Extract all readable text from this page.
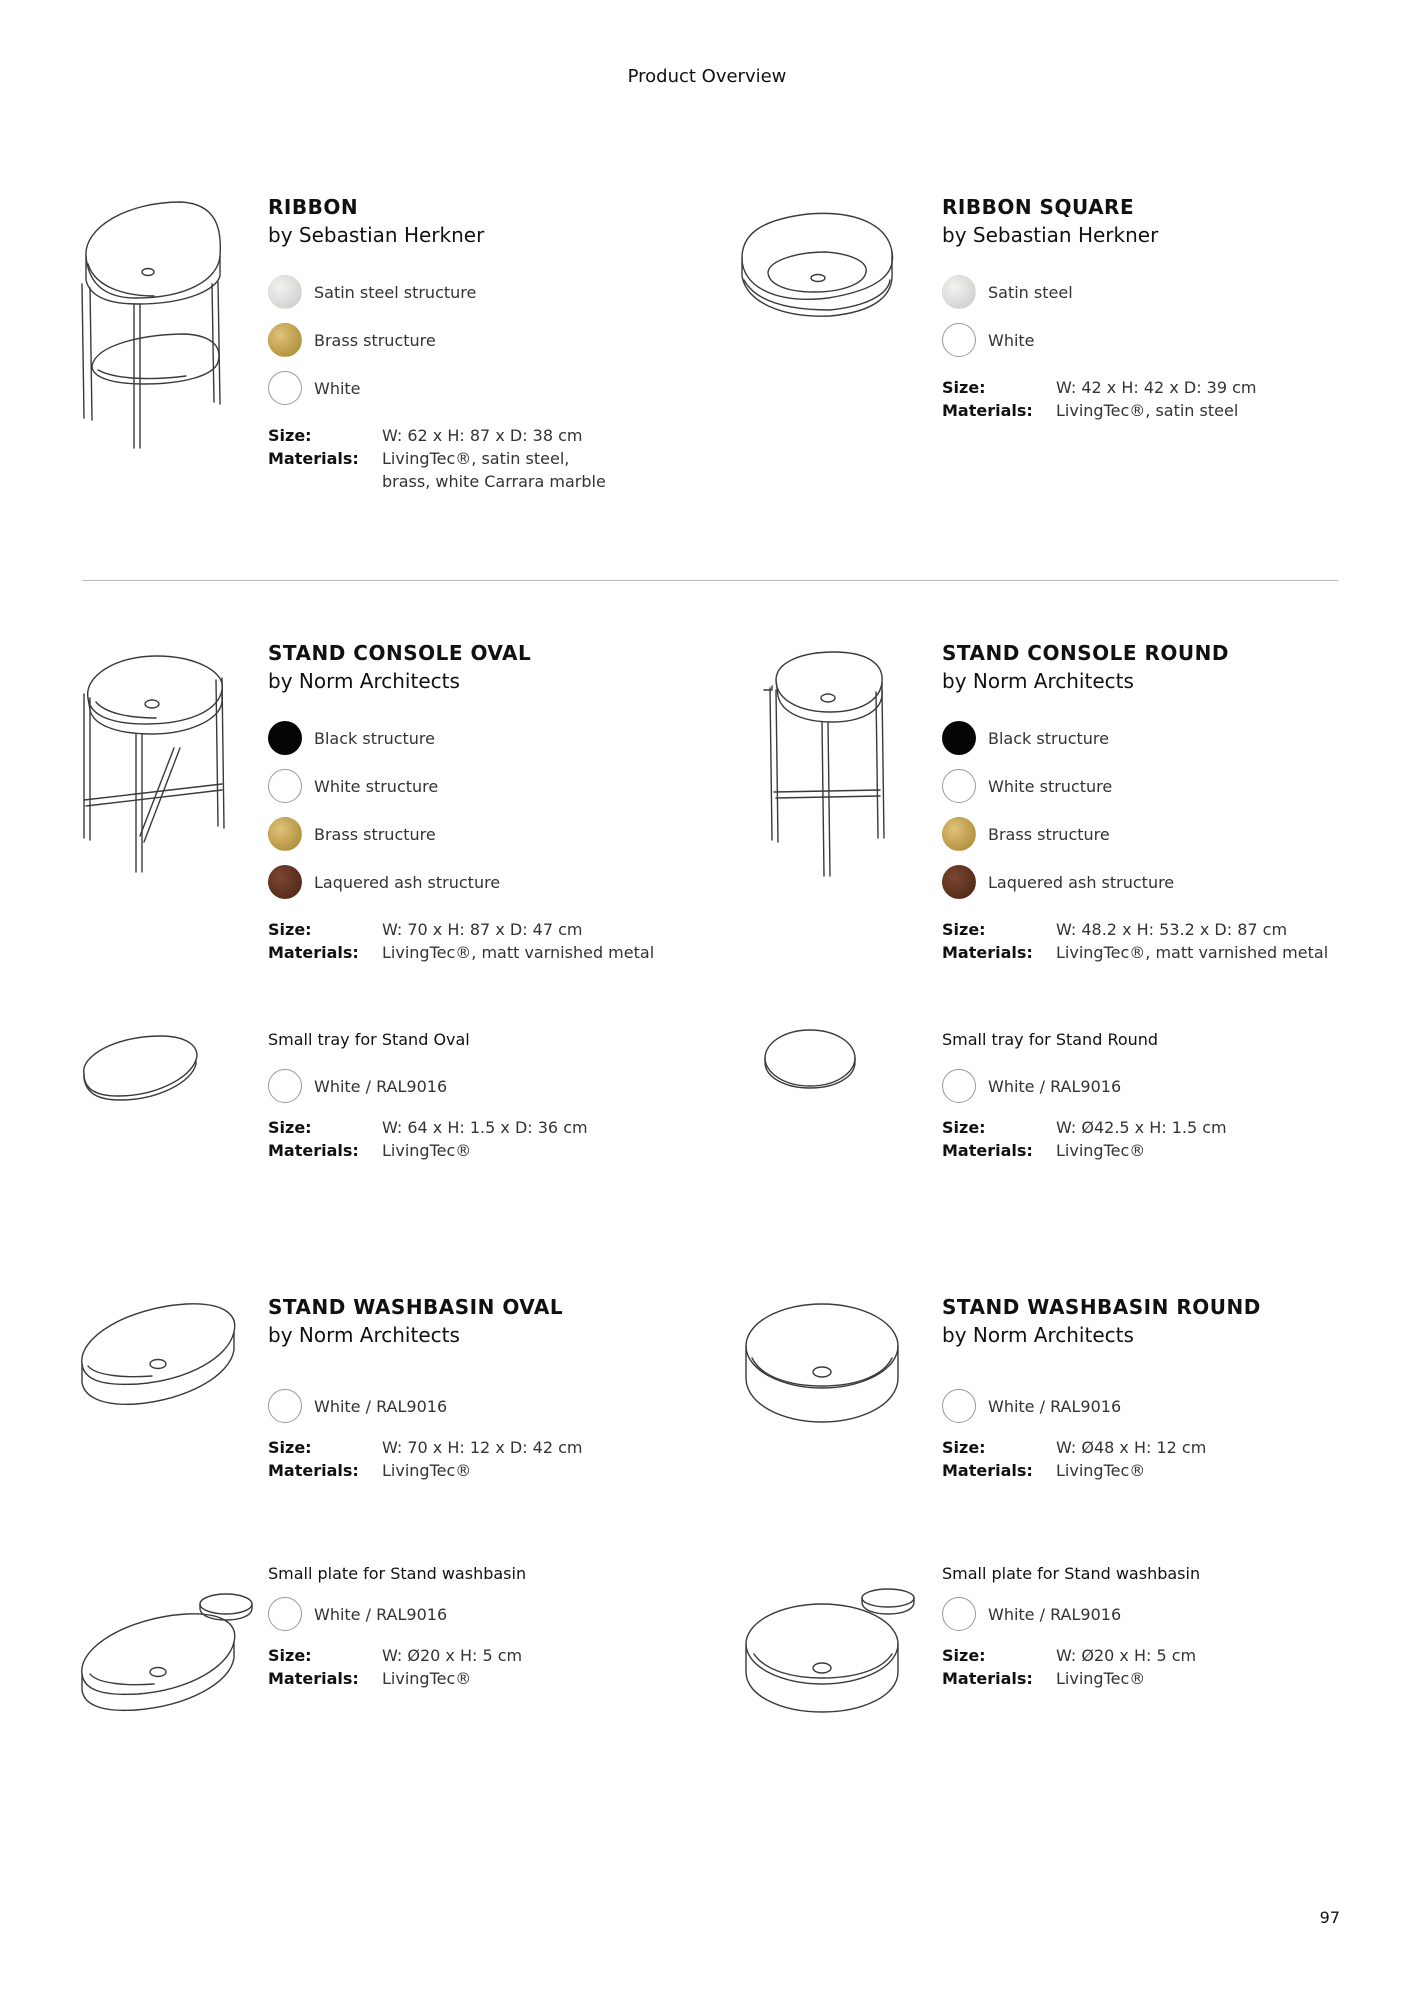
Product Overview
RIBBON
by Sebastian Herkner
Satin steel structure
Brass structure
White
Size:	W: 62 x H: 87 x D: 38 cm
Materials:	LivingTec®, satin steel, brass, white Carrara marble
RIBBON SQUARE
by Sebastian Herkner
Satin steel
White
Size:	W: 42 x H: 42 x D: 39 cm
Materials:	LivingTec®, satin steel
STAND CONSOLE OVAL
by Norm Architects
Black structure
White structure
Brass structure
Laquered ash structure
Size:	W: 70 x H: 87 x D: 47 cm
Materials:	LivingTec®, matt varnished metal
STAND CONSOLE ROUND
by Norm Architects
Black structure
White structure
Brass structure
Laquered ash structure
Size:	W: 48.2 x H: 53.2 x D: 87 cm
Materials:	LivingTec®, matt varnished metal
Small tray for Stand Oval
White / RAL9016
Size:	W: 64 x H: 1.5 x D: 36 cm
Materials:	LivingTec®
Small tray for Stand Round
White / RAL9016
Size:	W: Ø42.5 x H: 1.5 cm
Materials:	LivingTec®
STAND WASHBASIN OVAL
by Norm Architects
White / RAL9016
Size:	W: 70 x H: 12 x D: 42 cm
Materials:	LivingTec®
STAND WASHBASIN ROUND
by Norm Architects
White / RAL9016
Size:	W: Ø48 x H: 12 cm
Materials:	LivingTec®
Small plate for Stand washbasin
White / RAL9016
Size:	W: Ø20 x H: 5 cm
Materials:	LivingTec®
Small plate for Stand washbasin
White / RAL9016
Size:	W: Ø20 x H: 5 cm
Materials:	LivingTec®
97
